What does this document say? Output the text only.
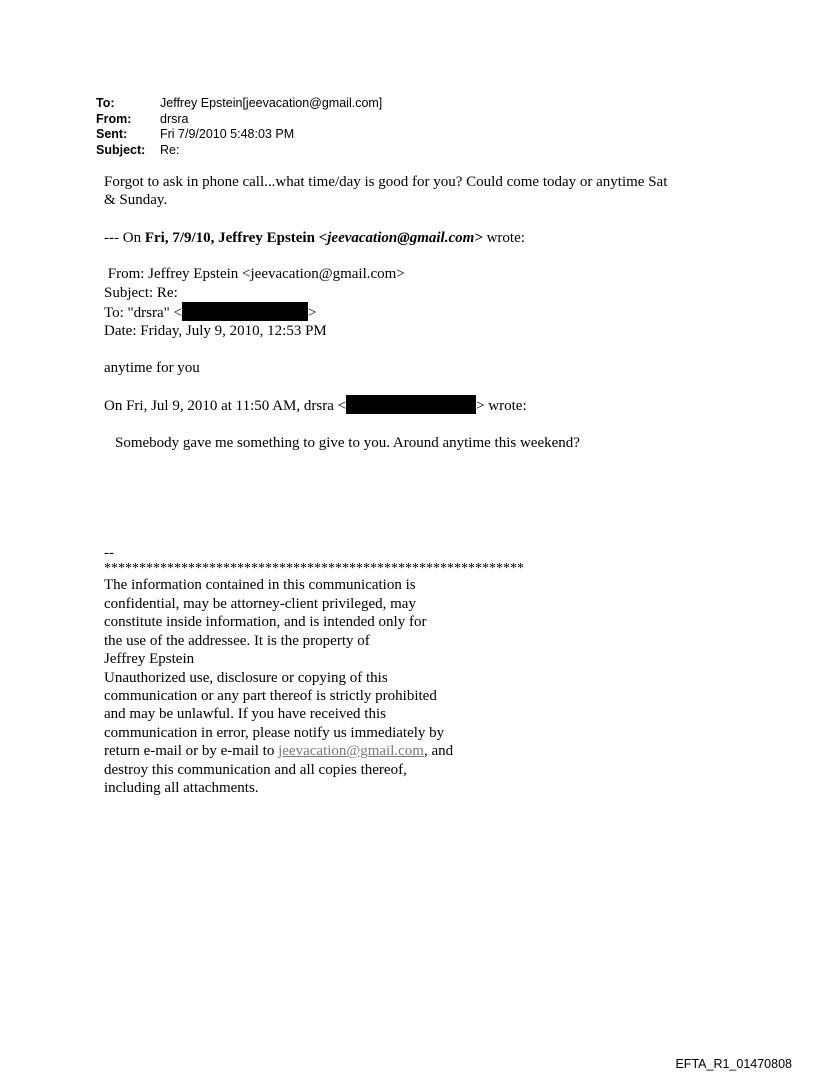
To:	Jeffrey Epstein[jeevacation@gmail.com]
From:	drsra
Sent:	Fri 7/9/2010 5:48:03 PM
Subject:	Re:

Forgot to ask in phone call...what time/day is good for you? Could come today or anytime Sat

& Sunday.

--- On Fri, 7/9/10, Jeffrey Epstein <jeevacation@gmail.com> wrote:

From: Jeffrey Epstein <jeevacation@gmail.com>

Subject: Re:

To: "drsra" <	>

Date: Friday, July 9, 2010, 12:53 PM

anytime for you

On Fri, Jul 9, 2010 at 11:50 AM, drsra <	> wrote:

Somebody gave me something to give to you. Around anytime this weekend?

--

************************************************************

The information contained in this communication is

confidential, may be attorney-client privileged, may

constitute inside information, and is intended only for

the use of the addressee. It is the property of

Jeffrey Epstein

Unauthorized use, disclosure or copying of this

communication or any part thereof is strictly prohibited

and may be unlawful. If you have received this

communication in error, please notify us immediately by

return e-mail or by e-mail to jeevacation@gmail.com, and

destroy this communication and all copies thereof,

including all attachments.

EFTA_R1_01470808
